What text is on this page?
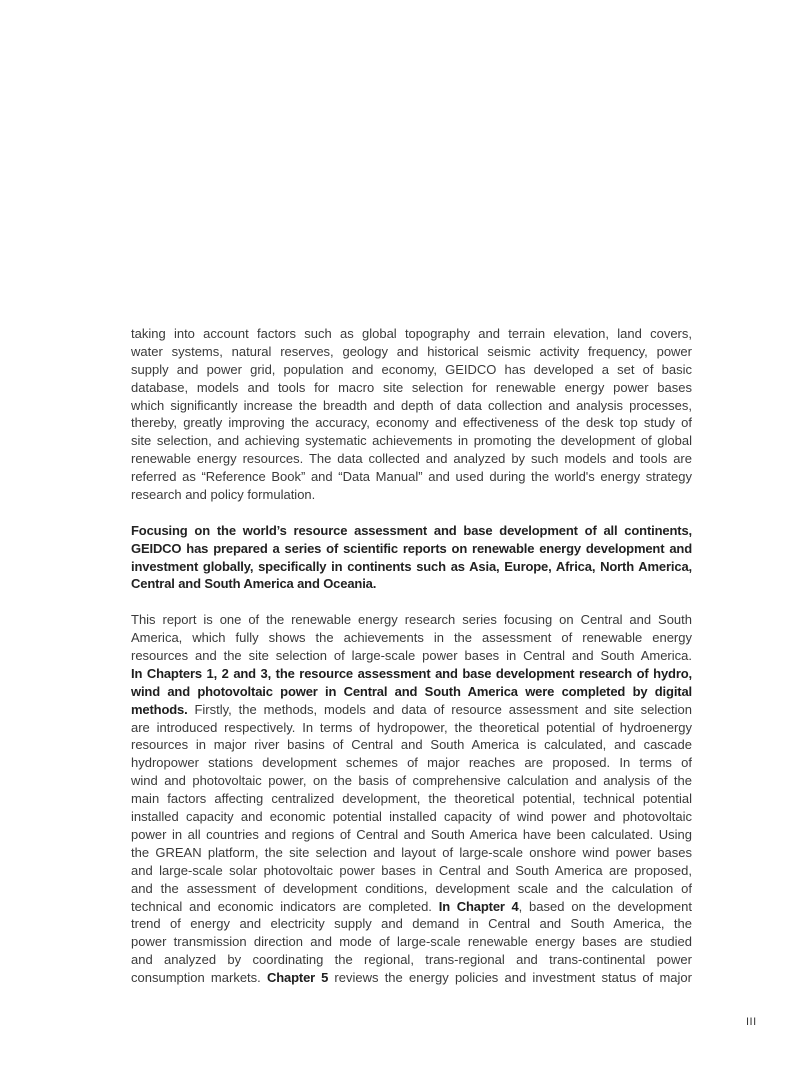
taking into account factors such as global topography and terrain elevation, land covers,
water systems, natural reserves, geology and historical seismic activity frequency, power
supply and power grid, population and economy, GEIDCO has developed a set of basic
database, models and tools for macro site selection for renewable energy power bases
which significantly increase the breadth and depth of data collection and analysis processes,
thereby, greatly improving the accuracy, economy and effectiveness of the desk top study of
site selection, and achieving systematic achievements in promoting the development of global
renewable energy resources. The data collected and analyzed by such models and tools are
referred as “Reference Book” and “Data Manual” and used during the world's energy strategy
research and policy formulation.
Focusing on the world’s resource assessment and base development of all continents,
GEIDCO has prepared a series of scientific reports on renewable energy development and
investment globally, specifically in continents such as Asia, Europe, Africa, North America,
Central and South America and Oceania.
This report is one of the renewable energy research series focusing on Central and South
America, which fully shows the achievements in the assessment of renewable energy
resources and the site selection of large-scale power bases in Central and South America.
In Chapters 1, 2 and 3, the resource assessment and base development research of hydro,
wind and photovoltaic power in Central and South America were completed by digital
methods. Firstly, the methods, models and data of resource assessment and site selection
are introduced respectively. In terms of hydropower, the theoretical potential of hydroenergy
resources in major river basins of Central and South America is calculated, and cascade
hydropower stations development schemes of major reaches are proposed. In terms of
wind and photovoltaic power, on the basis of comprehensive calculation and analysis of the
main factors affecting centralized development, the theoretical potential, technical potential
installed capacity and economic potential installed capacity of wind power and photovoltaic
power in all countries and regions of Central and South America have been calculated. Using
the GREAN platform, the site selection and layout of large-scale onshore wind power bases
and large-scale solar photovoltaic power bases in Central and South America are proposed,
and the assessment of development conditions, development scale and the calculation of
technical and economic indicators are completed. In Chapter 4, based on the development
trend of energy and electricity supply and demand in Central and South America, the
power transmission direction and mode of large-scale renewable energy bases are studied
and analyzed by coordinating the regional, trans-regional and trans-continental power
consumption markets. Chapter 5 reviews the energy policies and investment status of major
III
